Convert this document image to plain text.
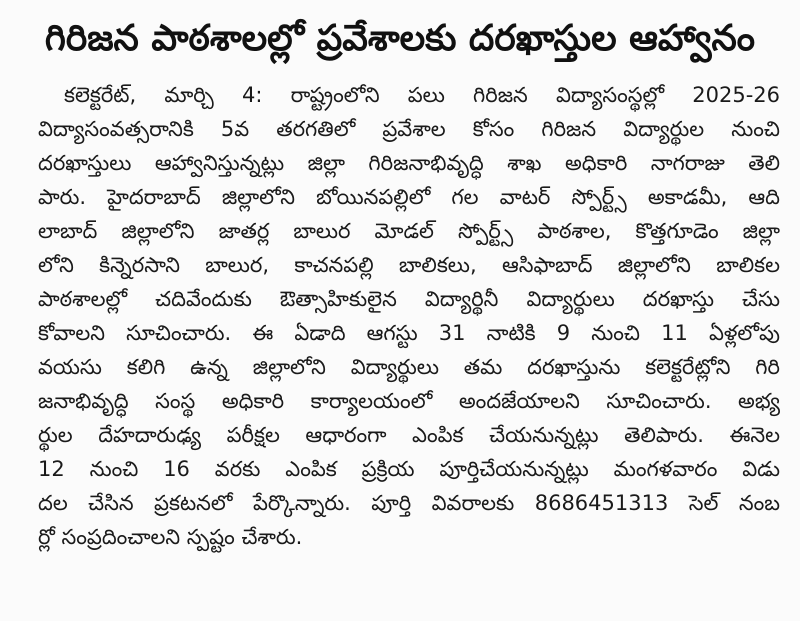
గిరిజన పాఠశాలల్లో ప్రవేశాలకు దరఖాస్తుల ఆహ్వానం
కలెక్టరేట్, మార్చి 4: రాష్ట్రంలోని పలు గిరిజన విద్యాసంస్థల్లో 2025-26
విద్యాసంవత్సరానికి 5వ తరగతిలో ప్రవేశాల కోసం గిరిజన విద్యార్థుల నుంచి
దరఖాస్తులు ఆహ్వానిస్తున్నట్లు జిల్లా గిరిజనాభివృద్ధి శాఖ అధికారి నాగరాజు తెలి
పారు. హైదరాబాద్ జిల్లాలోని బోయినపల్లిలో గల వాటర్ స్పోర్ట్స్ అకాడమీ, ఆది
లాబాద్ జిల్లాలోని జాతర్ల బాలుర మోడల్ స్పోర్ట్స్ పాఠశాల, కొత్తగూడెం జిల్లా
లోని కిన్నెరసాని బాలుర, కాచనపల్లి బాలికలు, ఆసిఫాబాద్ జిల్లాలోని బాలికల
పాఠశాలల్లో చదివేందుకు ఔత్సాహికులైన విద్యార్థినీ విద్యార్థులు దరఖాస్తు చేసు
కోవాలని సూచించారు. ఈ ఏడాది ఆగస్టు 31 నాటికి 9 నుంచి 11 ఏళ్లలోపు
వయసు కలిగి ఉన్న జిల్లాలోని విద్యార్థులు తమ దరఖాస్తును కలెక్టరేట్లోని గిరి
జనాభివృద్ధి సంస్థ అధికారి కార్యాలయంలో అందజేయాలని సూచించారు. అభ్య
ర్థుల దేహదారుఢ్య పరీక్షల ఆధారంగా ఎంపిక చేయనున్నట్లు తెలిపారు. ఈనెల
12 నుంచి 16 వరకు ఎంపిక ప్రక్రియ పూర్తిచేయనున్నట్లు మంగళవారం విడు
దల చేసిన ప్రకటనలో పేర్కొన్నారు. పూర్తి వివరాలకు 8686451313 సెల్ నంబ
ర్లో సంప్రదించాలని స్పష్టం చేశారు.
